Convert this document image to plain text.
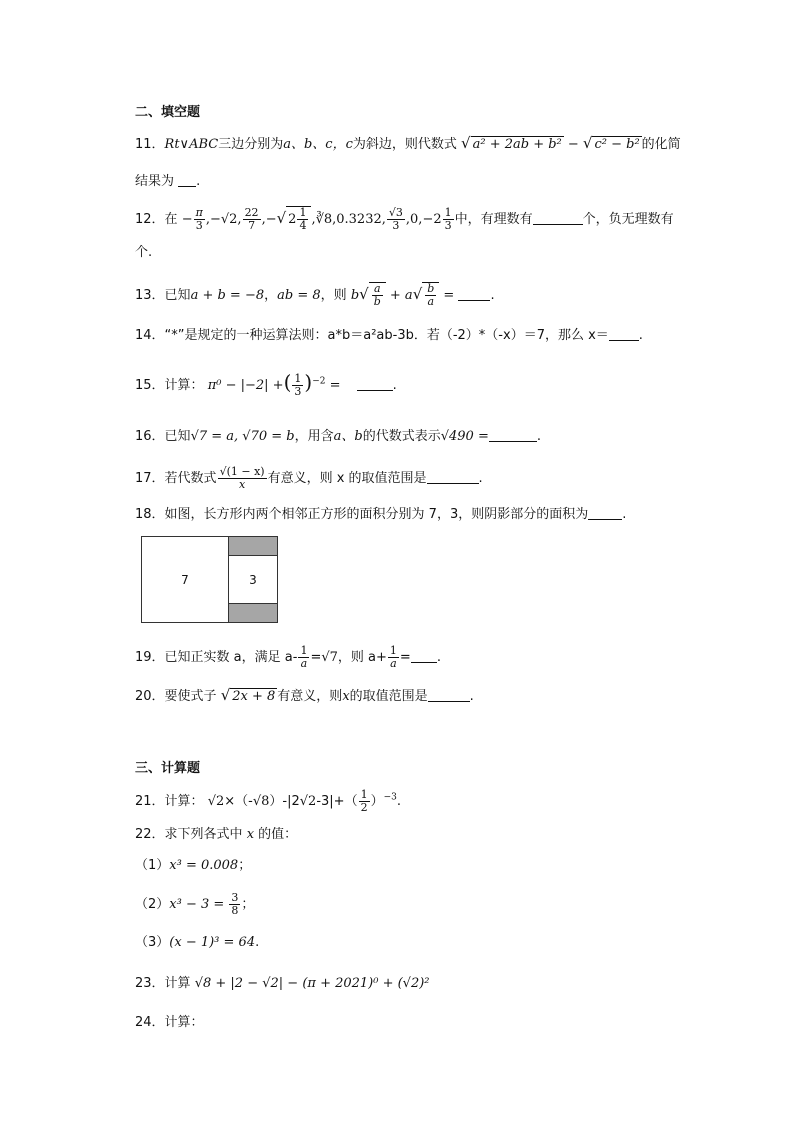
二、填空题
11．Rt∨ABC三边分别为a、b、c，c为斜边，则代数式 √ a² + 2ab + b² − √ c² − b² 的化简
结果为 .
12．在 − $\frac{\pi}{3} ,-√2$, $\frac{22}{7}$ ,−√ $2 \frac{1}{4}$ ,∛8,0.3232, $\frac{√3}{3} ,0,-2 \frac{1}{3}$ 中，有理数有	个，负无理数有
个.
13．已知a + b = −8，ab = 8，则 $b√ \frac{a}{b} + a√ \frac{b}{a}$ = .
14．“*”是规定的一种运算法则：a*b＝a²ab-3b．若（-2）*（-x）＝7，那么 x＝ .
15．计算： π⁰ − |−2| +( $\frac{1}{3} )^{-2}$ =	.
16．已知√7 = a, √70 = b，用含a、b的代数式表示√490 =	.
17．若代数式 $\frac{√(1 - x)}{x}$ 有意义，则 x 的取值范围是	.
18．如图，长方形内两个相邻正方形的面积分别为 7，3，则阴影部分的面积为	.
7	3
19．已知正实数 a，满足 $a- \frac{1}{a} =√7$，则 $a+ \frac{1}{a}$ = .
20．要使式子 √ 2x + 8 有意义，则x的取值范围是	.
三、计算题
21．计算： $√2\times(-√8)-|2√2-3|+( \frac{1}{2} )^{-3}$.
22．求下列各式中 x 的值：
（1）x³ = 0.008；
$(2)x^3 - 3 = \frac{3}{8}$ ；
（3）(x − 1)³ = 64.
23．计算 √8 + |2 − √2| − (π + 2021)⁰ + (√2)²
24．计算：
